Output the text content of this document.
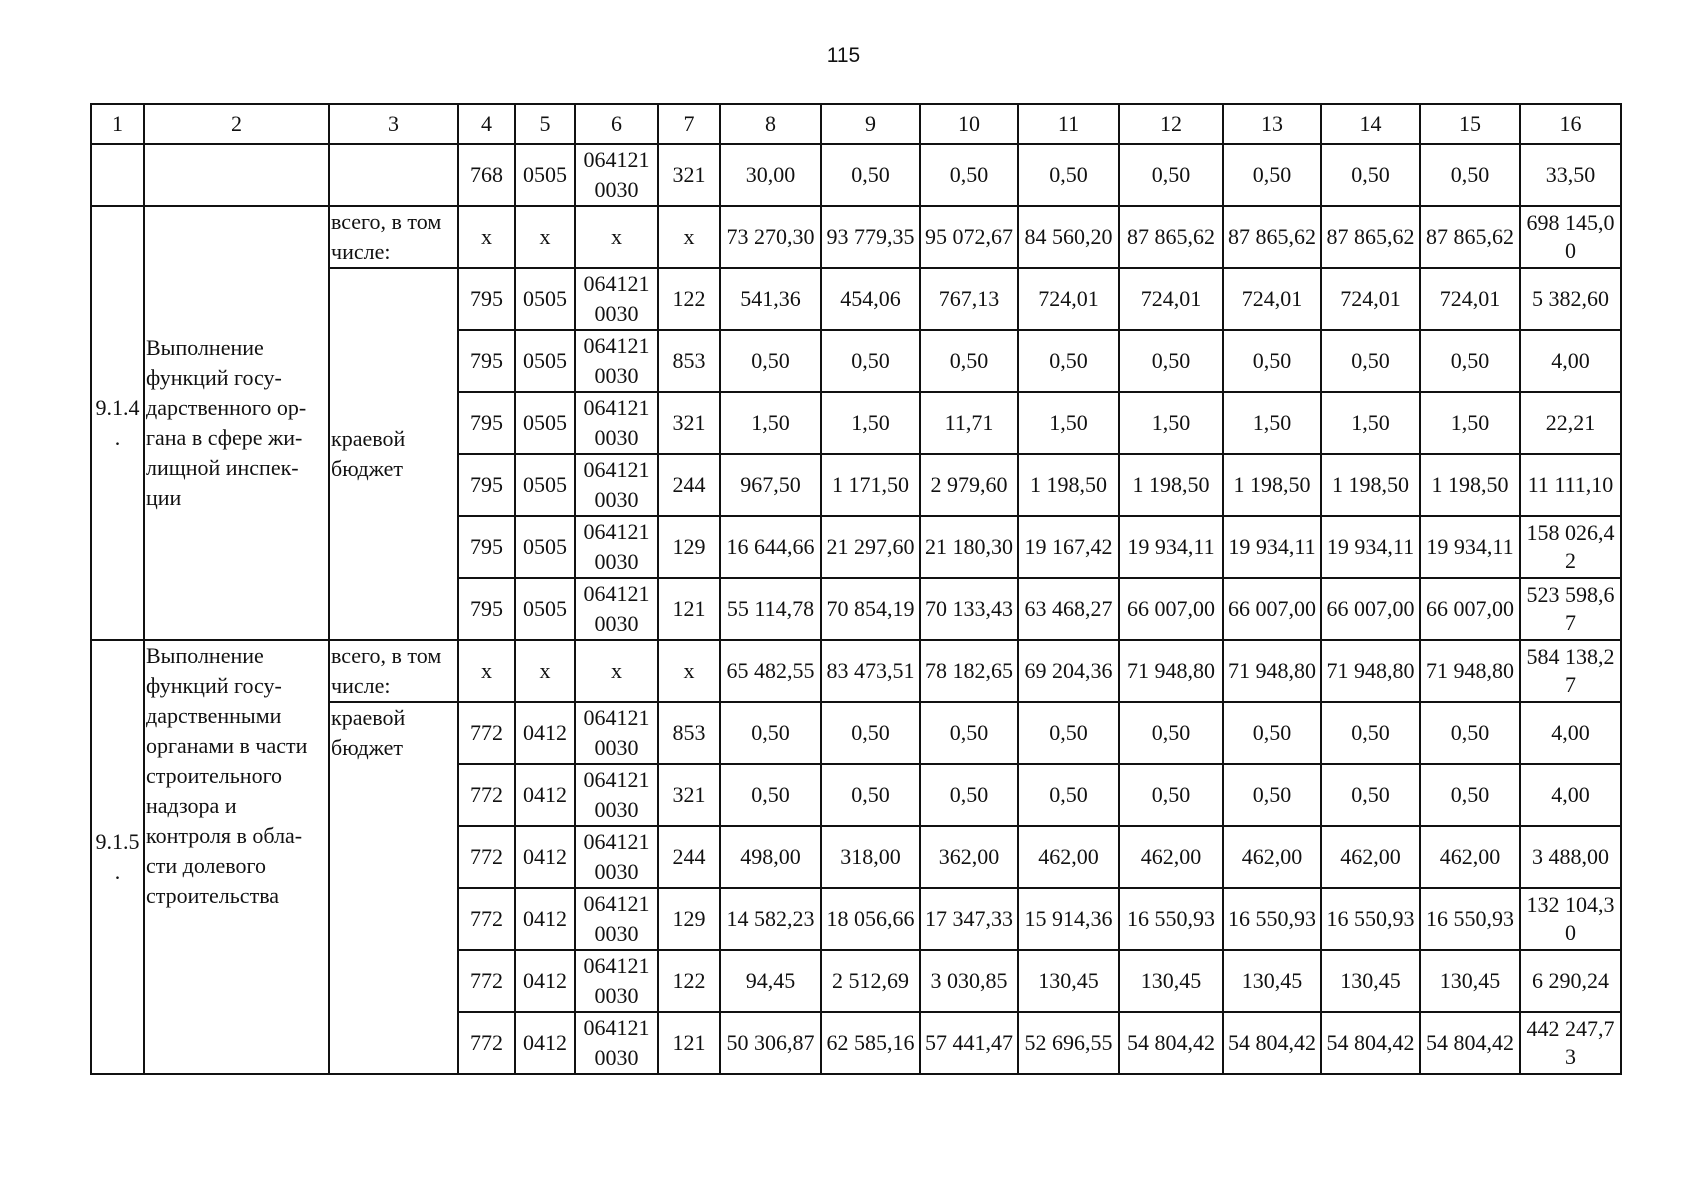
115
1	2	3	4	5	6	7	8	9	10	11	12	13	14	15	16
			768	0505	064121 0030	321	30,00	0,50	0,50	0,50	0,50	0,50	0,50	0,50	33,50
9.1.4 .	Выполнение функций госу-дарственного ор-гана в сфере жи-лищной инспек-ции	всего, в том числе:	x	x	x	x	73 270,30	93 779,35	95 072,67	84 560,20	87 865,62	87 865,62	87 865,62	87 865,62	698 145,00
		краевой бюджет	795	0505	064121 0030	122	541,36	454,06	767,13	724,01	724,01	724,01	724,01	724,01	5 382,60
			795	0505	064121 0030	853	0,50	0,50	0,50	0,50	0,50	0,50	0,50	0,50	4,00
			795	0505	064121 0030	321	1,50	1,50	11,71	1,50	1,50	1,50	1,50	1,50	22,21
			795	0505	064121 0030	244	967,50	1 171,50	2 979,60	1 198,50	1 198,50	1 198,50	1 198,50	1 198,50	11 111,10
			795	0505	064121 0030	129	16 644,66	21 297,60	21 180,30	19 167,42	19 934,11	19 934,11	19 934,11	19 934,11	158 026,42
			795	0505	064121 0030	121	55 114,78	70 854,19	70 133,43	63 468,27	66 007,00	66 007,00	66 007,00	66 007,00	523 598,67
9.1.5 .	Выполнение функций госу-дарственными органами в части строительного надзора и контроля в обла-сти долевого строительства	всего, в том числе:	x	x	x	x	65 482,55	83 473,51	78 182,65	69 204,36	71 948,80	71 948,80	71 948,80	71 948,80	584 138,27
		краевой бюджет	772	0412	064121 0030	853	0,50	0,50	0,50	0,50	0,50	0,50	0,50	0,50	4,00
			772	0412	064121 0030	321	0,50	0,50	0,50	0,50	0,50	0,50	0,50	0,50	4,00
			772	0412	064121 0030	244	498,00	318,00	362,00	462,00	462,00	462,00	462,00	462,00	3 488,00
			772	0412	064121 0030	129	14 582,23	18 056,66	17 347,33	15 914,36	16 550,93	16 550,93	16 550,93	16 550,93	132 104,30
			772	0412	064121 0030	122	94,45	2 512,69	3 030,85	130,45	130,45	130,45	130,45	130,45	6 290,24
			772	0412	064121 0030	121	50 306,87	62 585,16	57 441,47	52 696,55	54 804,42	54 804,42	54 804,42	54 804,42	442 247,73
